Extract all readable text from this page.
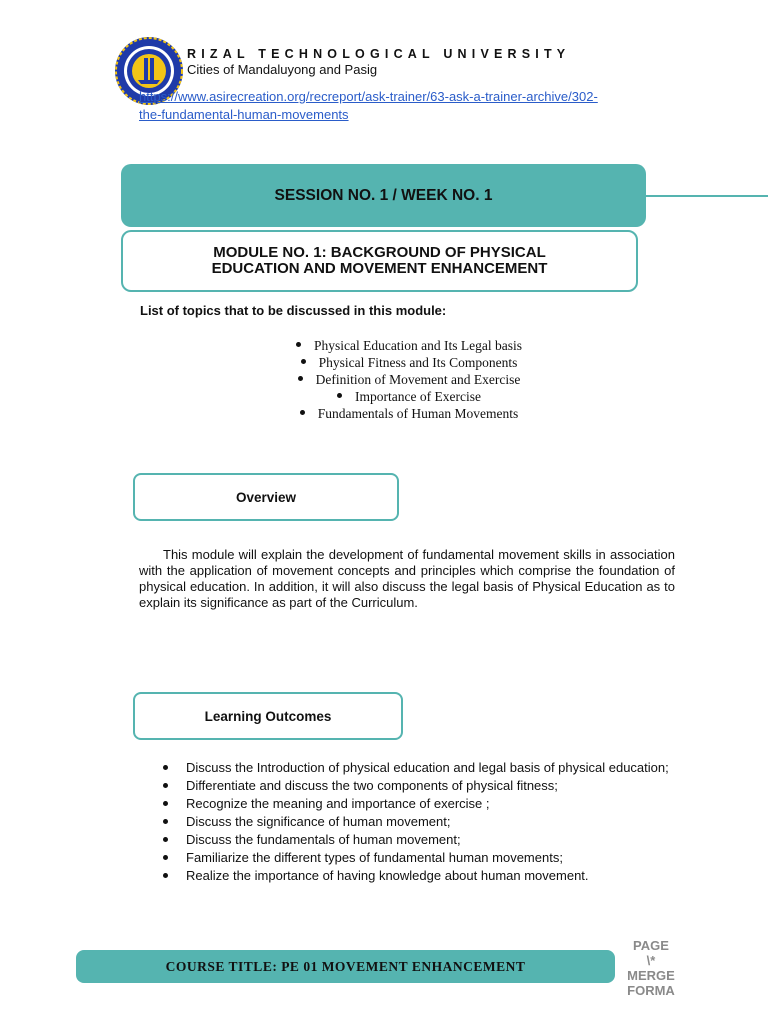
RIZAL TECHNOLOGICAL UNIVERSITY
Cities of Mandaluyong and Pasig
https://www.asirecreation.org/recreport/ask-trainer/63-ask-a-trainer-archive/302-
the-fundamental-human-movements
SESSION NO. 1 / WEEK NO. 1
MODULE NO. 1: BACKGROUND OF PHYSICAL
EDUCATION AND MOVEMENT ENHANCEMENT
List of topics that to be discussed in this module:
Physical Education and Its Legal basis
Physical Fitness and Its Components
Definition of Movement and Exercise
Importance of Exercise
Fundamentals of Human Movements
Overview

This module will explain the development of fundamental movement skills in association with the application of movement concepts and principles which comprise the foundation of physical education. In addition, it will also discuss the legal basis of Physical Education as to explain its significance as part of the Curriculum.

Learning Outcomes
Discuss the Introduction of physical education and legal basis of physical education;
Differentiate and discuss the two components of physical fitness;
Recognize the meaning and importance of exercise ;
Discuss the significance of human movement;
Discuss the fundamentals of human movement;
Familiarize the different types of fundamental human movements;
Realize the importance of having knowledge about human movement.
COURSE TITLE: PE 01 MOVEMENT ENHANCEMENT
PAGE
\*
MERGE
FORMA
